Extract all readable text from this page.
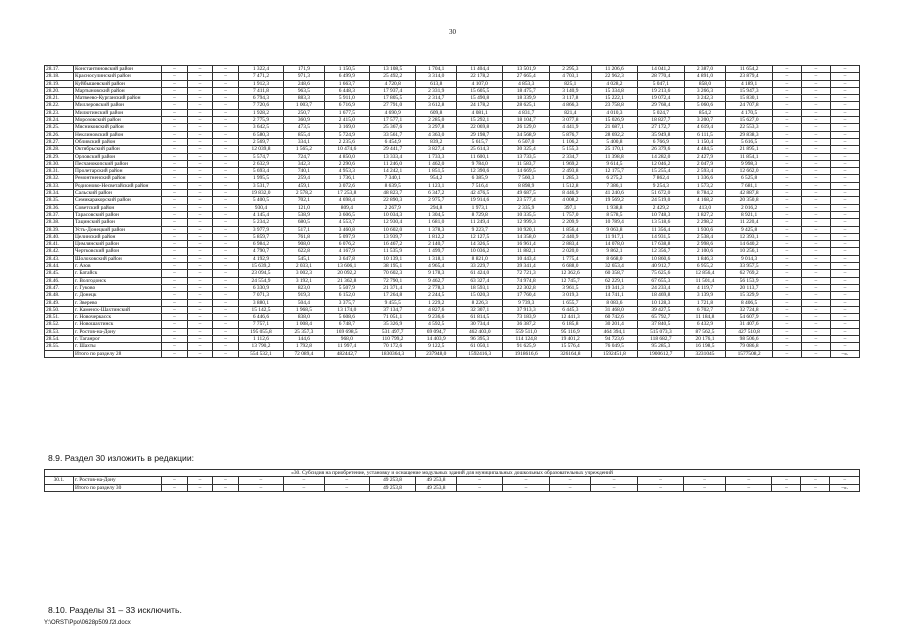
30
28.17.	Константиновский район	–	–	–	1 322,4	171,9	1 150,5	13 108,5	1 704,1	11 404,4	13 501,9	2 295,3	11 206,6	14 041,2	2 387,0	11 654,2	–	–	–
28.18.	Красносулинский район	–	–	–	7 471,2	971,3	6 499,9	25 492,2	3 314,0	22 178,2	27 665,4	4 703,1	22 962,3	28 770,4	4 891,0	23 879,4	–	–	–
28.19.	Куйбышевский район	–	–	–	1 912,3	248,6	1 663,7	4 720,8	613,8	4 107,0	4 853,3	825,1	4 028,2	5 047,1	858,0	4 189,1	–	–	–
28.20.	Мартыновский район	–	–	–	7 411,8	963,5	6 448,3	17 937,4	2 331,9	15 605,5	18 475,7	3 140,9	15 334,8	19 213,6	3 266,3	15 947,3	–	–	–
28.21.	Матвеево-Курганский район	–	–	–	6 794,3	883,3	5 911,0	17 805,5	2 314,7	15 490,8	18 339,9	3 117,8	15 222,1	19 072,4	3 242,3	15 830,1	–	–	–
28.22.	Миллеровский район	–	–	–	7 720,6	1 003,7	6 716,9	27 791,0	3 612,8	24 178,2	28 625,1	4 866,3	23 758,8	29 768,4	5 060,6	24 707,8	–	–	–
28.23.	Милютинский район	–	–	–	1 928,2	250,7	1 677,5	4 690,9	609,8	4 081,1	4 831,7	821,4	4 010,3	5 024,7	854,2	4 170,5	–	–	–
28.24.	Морозовский район	–	–	–	2 775,9	360,9	2 415,0	17 577,1	2 285,0	15 292,1	18 104,7	3 077,8	15 026,9	18 827,7	3 200,7	15 627,0	–	–	–
28.25.	Мясниковский район	–	–	–	3 642,5	473,5	3 169,0	25 367,6	3 297,8	22 069,8	26 129,0	4 441,9	21 687,1	27 172,7	4 619,4	22 553,3	–	–	–
28.26.	Неклиновский район	–	–	–	6 580,3	855,4	5 724,9	33 561,7	4 363,0	29 198,7	34 568,9	5 876,7	28 692,2	35 949,8	6 111,5	29 838,3	–	–	–
28.27.	Обливский район	–	–	–	2 569,7	334,1	2 235,6	6 454,9	839,2	5 615,7	6 507,0	1 106,2	5 400,8	6 766,9	1 150,4	5 616,5	–	–	–
28.28.	Октябрьский район	–	–	–	12 039,8	1 565,2	10 474,6	29 441,7	3 827,4	25 614,3	30 325,4	5 155,3	25 170,1	26 379,6	4 484,5	21 895,1	–	–	–
28.29.	Орловский район	–	–	–	5 574,7	724,7	4 850,0	13 333,4	1 733,3	11 600,1	13 733,5	2 334,7	11 398,8	14 282,0	2 427,9	11 854,1	–	–	–
28.30.	Песчанокопский район	–	–	–	2 632,9	342,3	2 290,6	11 246,0	1 462,0	9 784,0	11 583,7	1 969,2	9 614,5	12 046,2	2 047,9	9 998,3	–	–	–
28.31.	Пролетарский район	–	–	–	5 693,4	740,1	4 953,3	14 242,1	1 851,5	12 390,6	14 669,5	2 493,8	12 175,7	15 255,4	2 593,4	12 662,0	–	–	–
28.32.	Ремонтненский район	–	–	–	1 995,5	259,4	1 736,1	7 340,1	954,2	6 385,9	7 560,3	1 285,3	6 275,2	7 862,4	1 336,6	6 525,8	–	–	–
28.33.	Родионово-Несветайский район	–	–	–	3 531,7	459,1	3 072,6	8 639,5	1 123,1	7 516,4	8 898,9	1 512,8	7 386,1	9 254,3	1 573,2	7 681,1	–	–	–
28.34.	Сальский район	–	–	–	19 832,0	2 578,2	17 253,8	48 823,7	6 347,2	42 476,5	49 687,5	8 446,9	41 240,6	51 672,0	8 784,2	42 887,8	–	–	–
28.35.	Семикаракорский район	–	–	–	5 400,5	702,1	4 698,4	22 890,3	2 975,7	19 914,6	23 577,4	4 008,2	19 569,2	24 519,0	4 168,2	20 350,8	–	–	–
28.36.	Советский район	–	–	–	930,4	121,0	809,4	2 267,9	294,8	1 973,1	2 335,9	397,1	1 938,8	2 429,2	413,0	2 016,2	–	–	–
28.37.	Тарасовский район	–	–	–	4 145,4	538,9	3 606,5	10 034,3	1 304,5	8 729,8	10 335,5	1 757,0	8 578,5	10 748,3	1 827,2	8 921,1	–	–	–
28.38.	Тацинский район	–	–	–	5 234,2	680,5	4 553,7	12 930,4	1 681,0	11 249,4	12 999,3	2 209,9	10 789,4	13 518,6	2 298,2	11 220,4	–	–	–
28.39.	Усть-Донецкий район	–	–	–	3 977,9	517,1	3 460,8	10 602,0	1 378,3	9 223,7	10 920,1	1 856,4	9 063,8	11 356,4	1 930,6	9 425,8	–	–	–
28.40.	Целинский район	–	–	–	5 859,7	761,8	5 097,9	13 939,7	1 812,2	12 127,5	14 358,0	2 440,9	11 917,1	14 931,5	2 538,4	12 393,1	–	–	–
28.41.	Цимлянский район	–	–	–	6 984,2	908,0	6 076,2	16 467,2	2 140,7	14 326,5	16 961,4	2 883,4	14 078,0	17 638,8	2 998,6	14 640,2	–	–	–
28.42.	Чертковский район	–	–	–	4 790,7	622,8	4 167,9	11 535,9	1 499,7	10 036,2	11 882,1	2 020,0	9 862,1	12 356,7	2 100,6	10 256,1	–	–	–
28.43.	Шолоховский район	–	–	–	4 192,9	545,1	3 647,8	10 139,1	1 318,1	8 821,0	10 443,4	1 775,4	8 668,0	10 860,6	1 846,3	9 014,3	–	–	–
28.44.	г. Азов	–	–	–	15 639,2	2 033,1	13 606,1	38 195,1	4 965,4	33 229,7	39 341,4	6 688,0	32 653,4	40 912,7	6 955,2	33 957,5	–	–	–
28.45.	г. Батайск	–	–	–	23 094,5	3 002,3	20 092,2	70 602,3	9 178,3	61 424,0	72 721,3	12 362,6	60 358,7	75 625,6	12 856,4	62 769,2	–	–	–
28.46.	г. Волгодонск	–	–	–	24 554,9	3 192,1	21 362,8	72 790,1	9 462,7	63 327,4	74 974,8	12 745,7	62 229,1	67 655,3	11 501,4	56 153,9	–	–	–
28.47.	г. Гуково	–	–	–	6 330,9	823,0	5 507,9	21 371,4	2 778,3	18 593,1	22 302,8	3 961,5	19 341,3	24 233,4	4 119,7	20 113,7	–	–	–
28.48.	г. Донецк	–	–	–	7 071,3	919,3	6 152,0	17 264,8	2 244,5	15 020,3	17 760,4	3 019,3	14 741,1	18 469,8	3 139,9	15 329,9	–	–	–
28.49.	г. Зверево	–	–	–	3 880,1	504,4	3 375,7	9 455,5	1 229,2	8 226,3	9 739,3	1 655,7	8 083,6	10 128,3	1 721,8	8 406,5	–	–	–
28.50.	г. Каменск-Шахтинский	–	–	–	15 142,5	1 968,5	13 174,0	37 134,7	4 827,6	32 307,1	37 913,3	6 445,3	31 468,0	39 427,5	6 702,7	32 724,8	–	–	–
28.51.	г. Новочеркасск	–	–	–	6 446,6	838,0	5 608,6	71 051,1	9 236,6	61 814,5	73 183,9	12 441,3	60 742,6	65 792,7	11 184,8	54 607,9	–	–	–
28.52.	г. Новошахтинск	–	–	–	7 757,1	1 008,4	6 748,7	35 326,9	4 592,5	30 734,4	36 387,2	6 185,8	30 201,4	37 840,5	6 432,9	31 407,6	–	–	–
28.53.	г. Ростов-на-Дону	–	–	–	195 055,8	25 357,3	169 698,5	531 497,7	69 094,7	462 403,0	559 511,0	95 116,9	464 394,1	515 073,3	87 562,5	427 510,8	–	–	–
28.54.	г. Таганрог	–	–	–	1 112,6	144,6	968,0	110 799,2	14 403,9	96 395,3	114 124,8	19 401,2	94 723,6	118 682,7	20 176,1	98 506,6	–	–	–
28.55.	г. Шахты	–	–	–	13 790,2	1 792,8	11 997,4	70 172,6	9 122,5	61 050,1	91 625,9	15 576,4	76 049,5	95 285,3	16 198,5	79 086,8	–	–	–
	Итого по разделу 28	–	–	–	554 532,1	72 089,4	482442,7	1830364,3	237948,0	1592416,3	1918616,6	326164,8	1592451,8	1900612,7	3231045	1577508,2	–	–	–».
8.9. Раздел 30 изложить в редакции:
«30. Субсидия на приобретение, установку и оснащение модульных зданий для муниципальных дошкольных образовательных учреждений																			
30.1.	г. Ростов-на-Дону	–	–	–	–	–	–	49 253,8	49 253,8	–	–	–	–	–	–	–	–	–	–
	Итого по разделу 30	–	–	–	–	–	–	49 253,8	49 253,8	–	–	–	–	–	–	–	–	–	–».
8.10. Разделы 31 – 33 исключить.
Y:\ORST\Ppo\0628p509.f2l.docx
